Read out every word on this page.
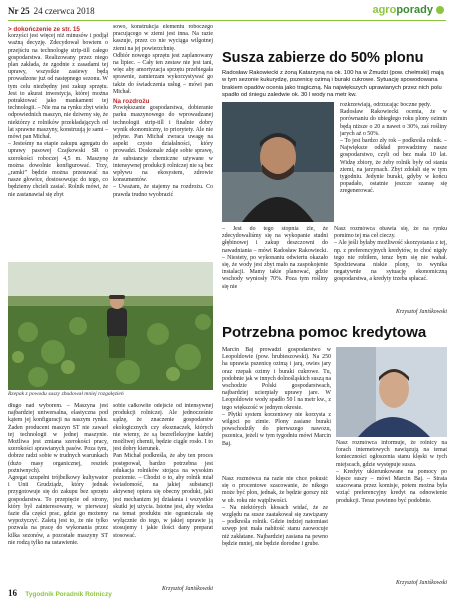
Nr 25 24 czerwca 2018	agroporady

> dokończenie ze str. 15

korzyści jest więcej niż minusów i podjął ważną decyzję. Zdecydował bowiem o przejściu na technologię strip-till całego gospodarstwa. Realizowany przez niego plan zakłada, że zgodnie z zasadami tej uprawy, wszystkie zasiewy będą prowadzone już od następnego sezonu. W tym celu niezbędny jest zakup sprzętu. Jest to akurat inwestycja, której można potraktować jako mankament tej technologii. – Nie ma na rynku zbyt wielu odpowiednich maszyn, nie dziwmy się, że niektórzy z rolników przekładających od lat sprawne maszyny, konstruują je sami – mówi pan Michał.

– Jesteśmy na etapie zakupu agregatu do uprawy pasowej Czajkowski SR o szerokości roboczej 4,5 m. Maszynę można dowolnie konfigurować. Trzy, „ramki” będzie można przesuwać na nasze głowice, dostosowując do tego, co będziemy chcieli zasiać. Rolnik mówi, że nie zastanawiał się zbyt

sowo, konstrukcja elementu roboczego pracującego w ziemi jest inna. Na razie kaszuje, przez co nie wyciąga wilgotnej ziemi na jej powierzchnię.

Odbiór nowego sprzętu jest zaplanowany na lipiec. – Cały ten zestaw nie jest tani, więc aby amortyzacja sprzętu przebiegała sprawnie, zamierzam wykorzystywać go także do świadczenia usług – mówi pan Michał.

Na rozdrożu

Powiększanie gospodarstwa, dobieranie parku maszynowego do wprowadzanej technologii strip-till i finalnie dobry wynik ekonomiczny, to priorytety. Ale nie jedyne. Pan Michał zwraca uwagę na aspekt czysto działalności, który prowadzi. Doskonale zdaje sobie sprawę, że substancje chemiczne używane w intensywnej produkcji rolniczej nie są bez wpływu na ekosystem, zdrowie konsumentów.

– Uważam, że stajemy na rozdrożu. Co prawda trudno wyobrazić

Rzepak z powodu suszy zbudował mniej rozgałęzień

długo nad wyborem. – Maszyna jest najbardziej uniwersalna, elastyczna pod kątem jej konfiguracji na naszym rynku. Żaden producent maszyn ST nie zawarł tej technologii w jednej maszynie. Możliwa jest zmiana szerokości pracy, szerokości sprawianych pasów. Poza tym, dobrze radzi sobie w trudnych warunkach (dużo masy organicznej, resztek pożniwnych).

Agregat uzupełni trójbelkowy kultywator i Unii Grudziądz, który jednak przygotowuje się do zakupu bez sprzętu gospodarstwa. To przepięcie od strony, który był zainteresowany, w pierwszej fazie dla części prac, gdzie go możemy wypożyczyć. Zaletą jest to, że nie tylko pozwala na pracę do wykonania przez kilka sezonów, a pozostałe maszyny ST nie rodzą tylko na ustawienie.

sobie całkowite odejście od intensywnej produkcji rolniczej. Ale jednocześnie sądzę, że znaczenie gospodarstw ekologicznych czy ekoznaczek, których nie wiemy, że są bezrefleksyjne każdej możliwej chemii, będzie ciągle rosło. I to jest dobry kierunek.

Pan Michał podkreśla, że aby ten proces postępował, bardzo potrzebna jest edukacja rolników stojąca na wysokim poziomie. – Chodzi o to, aby rolnik miał świadomość, na jakiej substancji aktywnej opiera się obecny produkt, jaki jest mechanizm jej działania i wszystkie skutki jej użycia. Istotne jest, aby wiedza na temat produktu nie ograniczała się wyłącznie do tego, w jakiej uprawie ją stosujemy i jakie ilości dany preparat stosować.

Krzysztof Janiśkowski
Susza zabierze do 50% plonu
Radosław Rakowiecki z żoną Katarzyną na ok. 100 ha w Żmudzi (pow. chełmski) mają w tym sezonie kukurydzę, pszenicę ozimą i buraki cukrowe. Sytuację spowodowana brakiem opadów ocenia jako tragiczną. Na największych uprawianych przez nich polu spadło od śniegu zaledwie ok. 30 l wody na metr kw.

rozkrzewiają, odrzucając boczne pędy.
Radosław Rakowiecki ocenia, że w porównaniu do ubiegłego roku plony ozimin będą niższe o 20 a nawet o 30%, zaś rośliny jarych aż o 50%.
– To jest bardzo zły rok – podkreśla rolnik. – Największe odkład prowadzimy nasze gospodarstwo, czyli od bez mała 10 lat. Widzę zbiory, że żeby rolnik były od stania ziemi, na jarzynach. Zbyt zdołali się w tym tygodniu. Jedynie buraki, gdyby w końcu popadało, ostatnie jeszcze szansę się zregenerować.

– Jest do tego stopnia źle, że zdecydowaliśmy się na wykopanie studni głębinowej i zakup deszczowni do nawadniania – mówi Radosław Rakowiecki. – Niestety, po wykonaniu odwiertu okazało się, że wody jest zbyt mało na zaspokojenie instalacji. Mamy takie planować, gdzie wschody wyniosły 70%. Poza tym rośliny się nie

Nasz rozmówca obawia się, że na rynku pomimo tej ma ceł cieczy.
– Ale jeśli byłaby możliwość skorzystania z tej, np. z preferencyjnych kredytów, to choć nigdy tego nie robiłem, teraz bym się nie wahał. Spodziewana niskie plony, to wynika negatywnie na sytuację ekonomiczną gospodarstwa, a kredyty trzeba spłacać.

Krzysztof Janiśkowski
Potrzebna pomoc kredytowa

Marcin Baj prowadzi gospodarstwo w Leopoldowie (pow. hrubieszowski). Na 250 ha uprawia pszenicę ozimą i jarą, owies jary oraz rzepak ozimy i buraki cukrowe. Tu, podobnie jak w innych dolnośląskich suszą na wschodzie Polski gospodarstwach, najbardziej ucierpiały uprawy jare. W Leopoldowie wody spadło 50 l na metr kw., z tego większość w jednym okresie.
– Płytki system korzeniowy nie korzysta z wilgoci po zimie. Plony zasiane buraki powschodziły do pierwszego nawozu, pszenica, jeżeli w tym tygodniu mówi Marcin Baj.

Nasz rozmówca na razie nie chce pokusić się o procentowe szacowanie, że nikogo może być plon, jednak, że będzie gorszy niż w ub. roku nie wątpliwości.
– Na niektórych kłosach widać, że ze względu na susze zaatakował się zawiązany – podkreśla rolnik. Gdzie indziej natomiast szwęp jest mała nabitość stanu zaowocuje niż zakłatane. Najbardziej zasiana na pewno będzie mniej, nie będzie dorodne i grube.

Nasz rozmówca informuje, że rolnicy na forach internetowych nawiązują na temat konieczności ogłoszenia stanu klęski w tych miejscach, gdzie występuje susza.
– Kredyty ukierunkowane na pomocy po klęsce suszy – mówi Marcin Baj. – Strata szacowana przez komisje, potem można była wziąć preferencyjny kredyt na odnowienie produkcji. Teraz powinno być podobnie.

Krzysztof Janiśkowski
16 Tygodnik Poradnik Rolniczy
